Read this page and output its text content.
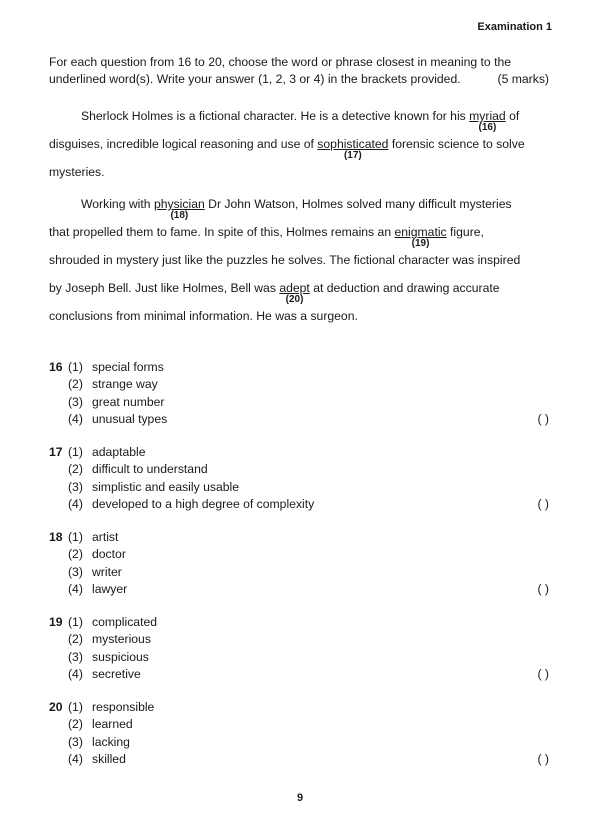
Examination 1
For each question from 16 to 20, choose the word or phrase closest in meaning to the
underlined word(s). Write your answer (1, 2, 3 or 4) in the brackets provided.	(5 marks)
Sherlock Holmes is a fictional character. He is a detective known for his myriad
(16)
of
disguises, incredible logical reasoning and use of sophisticated
(17)
forensic science to solve
mysteries.
Working with physician
(18)
Dr John Watson, Holmes solved many difficult mysteries
that propelled them to fame. In spite of this, Holmes remains an enigmatic
(19)
figure,
shrouded in mystery just like the puzzles he solves. The fictional character was inspired
by Joseph Bell. Just like Holmes, Bell was adept
(20)
at deduction and drawing accurate
conclusions from minimal information. He was a surgeon.
16 (1) special forms
(2) strange way
(3) great number
(4) unusual types	( )
17 (1) adaptable
(2) difficult to understand
(3) simplistic and easily usable
(4) developed to a high degree of complexity	( )
18 (1) artist
(2) doctor
(3) writer
(4) lawyer	( )
19 (1) complicated
(2) mysterious
(3) suspicious
(4) secretive	( )
20 (1) responsible
(2) learned
(3) lacking
(4) skilled	( )
9
